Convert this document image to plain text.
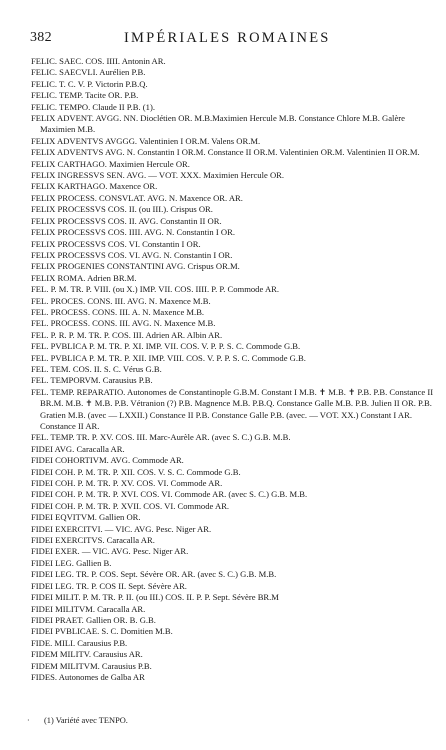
382	IMPÉRIALES ROMAINES

FELIC. SAEC. COS. IIII. Antonin AR.

FELIC. SAECVLI. Aurélien P.B.

FELIC. T. C. V. P. Victorin P.B.Q.

FELIC. TEMP. Tacite OR. P.B.

FELIC. TEMPO. Claude II P.B. (1).

FELIX ADVENT. AVGG. NN. Dioclétien OR. M.B.Maximien Hercule M.B. Constance Chlore M.B. Galère Maximien M.B.

FELIX ADVENTVS AVGGG. Valentinien I OR.M. Valens OR.M.

FELIX ADVENTVS AVG. N. Constantin I OR.M. Constance II OR.M. Valentinien OR.M. Valentinien II OR.M.

FELIX CARTHAGO. Maximien Hercule OR.

FELIX INGRESSVS SEN. AVG. — VOT. XXX. Maximien Hercule OR.

FELIX KARTHAGO. Maxence OR.

FELIX PROCESS. CONSVLAT. AVG. N. Maxence OR. AR.

FELIX PROCESSVS COS. II. (ou III.). Crispus OR.

FELIX PROCESSVS COS. II. AVG. Constantin II OR.

FELIX PROCESSVS COS. IIII. AVG. N. Constantin I OR.

FELIX PROCESSVS COS. VI. Constantin I OR.

FELIX PROCESSVS COS. VI. AVG. N. Constantin I OR.

FELIX PROGENIES CONSTANTINI AVG. Crispus OR.M.

FELIX ROMA. Adrien BR.M.

FEL. P. M. TR. P. VIII. (ou X.) IMP. VII. COS. IIII. P. P. Commode AR.

FEL. PROCES. CONS. III. AVG. N. Maxence M.B.

FEL. PROCESS. CONS. III. A. N. Maxence M.B.

FEL. PROCESS. CONS. III. AVG. N. Maxence M.B.

FEL. P. R. P. M. TR. P. COS. III. Adrien AR. Albin AR.

FEL. PVBLICA P. M. TR. P. XI. IMP. VII. COS. V. P. P. S. C. Commode G.B.

FEL. PVBLICA P. M. TR. P. XII. IMP. VIII. COS. V. P. P. S. C. Commode G.B.

FEL. TEM. COS. II. S. C. Vérus G.B.

FEL. TEMPORVM. Carausius P.B.

FEL. TEMP. REPARATIO. Autonomes de Constantinople G.B.M. Constant I M.B. ✝ M.B. ✝ P.B. P.B. Constance II BR.M. M.B. ✝ M.B. P.B. Vétranion (?) P.B. Magnence M.B. P.B.Q. Constance Galle M.B. P.B. Julien II OR. P.B. Gratien M.B. (avec — LXXII.) Constance II P.B. Constance Galle P.B. (avec. — VOT. XX.) Constant I AR. Constance II AR.

FEL. TEMP. TR. P. XV. COS. III. Marc-Aurèle AR. (avec S. C.) G.B. M.B.

FIDEI AVG. Caracalla AR.

FIDEI COHORTIVM. AVG. Commode AR.

FIDEI COH. P. M. TR. P. XII. COS. V. S. C. Commode G.B.

FIDEI COH. P. M. TR. P. XV. COS. VI. Commode AR.

FIDEI COH. P. M. TR. P. XVI. COS. VI. Commode AR. (avec S. C.) G.B. M.B.

FIDEI COH. P. M. TR. P. XVII. COS. VI. Commode AR.

FIDEI EQVITVM. Gallien OR.

FIDEI EXERCITVI. — VIC. AVG. Pesc. Niger AR.

FIDEI EXERCITVS. Caracalla AR.

FIDEI EXER. — VIC. AVG. Pesc. Niger AR.

FIDEI LEG. Gallien B.

FIDEI LEG. TR. P. COS. Sept. Sévère OR. AR. (avec S. C.) G.B. M.B.

FIDEI LEG. TR. P. COS II. Sept. Sévère AR.

FIDEI MILIT. P. M. TR. P. II. (ou III.) COS. II. P. P. Sept. Sévère BR.M

FIDEI MILITVM. Caracalla AR.

FIDEI PRAET. Gallien OR. B. G.B.

FIDEI PVBLICAE. S. C. Domitien M.B.

FIDE. MILI. Carausius P.B.

FIDEM MILITV. Carausius AR.

FIDEM MILITVM. Carausius P.B.

FIDES. Autonomes de Galba AR

· (1) Variété avec TENPO.
